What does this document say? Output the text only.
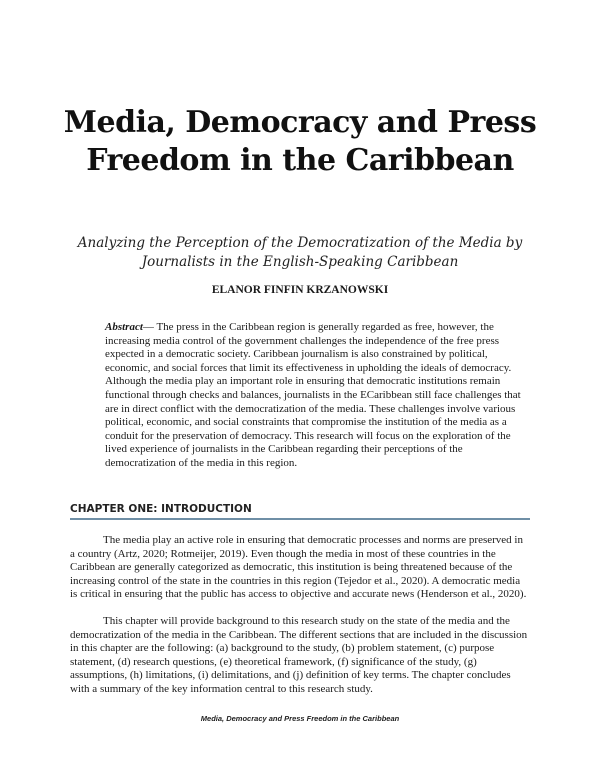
Media, Democracy and Press Freedom in the Caribbean

Analyzing the Perception of the Democratization of the Media by Journalists in the English-Speaking Caribbean

ELANOR FINFIN KRZANOWSKI

Abstract— The press in the Caribbean region is generally regarded as free, however, the increasing media control of the government challenges the independence of the free press expected in a democratic society. Caribbean journalism is also constrained by political, economic, and social forces that limit its effectiveness in upholding the ideals of democracy. Although the media play an important role in ensuring that democratic institutions remain functional through checks and balances, journalists in the ECaribbean still face challenges that are in direct conflict with the democratization of the media. These challenges involve various political, economic, and social constraints that compromise the institution of the media as a conduit for the preservation of democracy. This research will focus on the exploration of the lived experience of journalists in the Caribbean regarding their perceptions of the democratization of the media in this region.

CHAPTER ONE: INTRODUCTION

The media play an active role in ensuring that democratic processes and norms are preserved in a country (Artz, 2020; Rotmeijer, 2019). Even though the media in most of these countries in the Caribbean are generally categorized as democratic, this institution is being threatened because of the increasing control of the state in the countries in this region (Tejedor et al., 2020). A democratic media is critical in ensuring that the public has access to objective and accurate news (Henderson et al., 2020).

This chapter will provide background to this research study on the state of the media and the democratization of the media in the Caribbean. The different sections that are included in the discussion in this chapter are the following: (a) background to the study, (b) problem statement, (c) purpose statement, (d) research questions, (e) theoretical framework, (f) significance of the study, (g) assumptions, (h) limitations, (i) delimitations, and (j) definition of key terms. The chapter concludes with a summary of the key information central to this research study.

Media, Democracy and Press Freedom in the Caribbean
